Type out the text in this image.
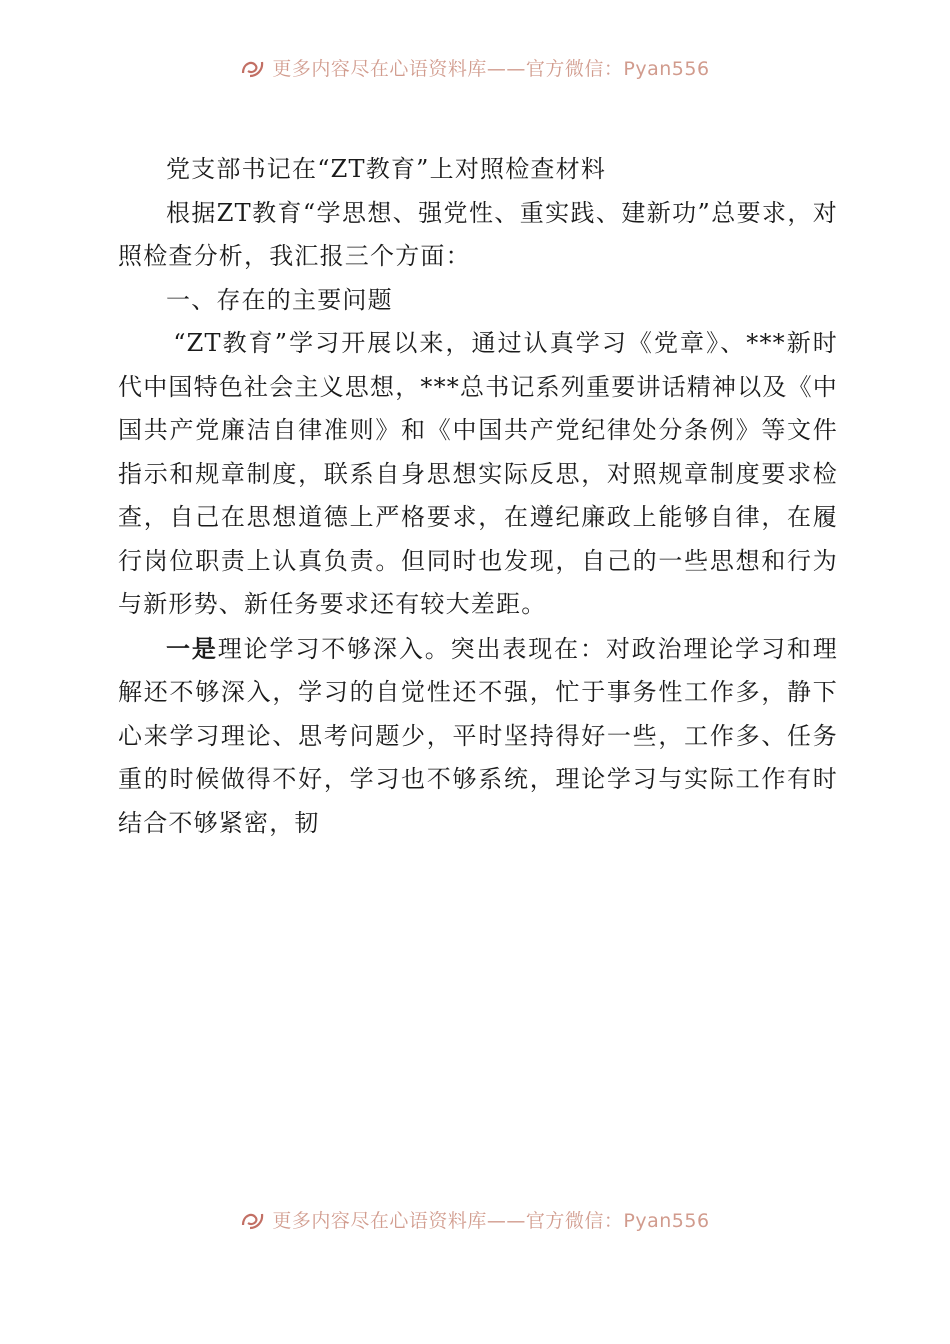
更多内容尽在心语资料库——官方微信：Pyan556

党支部书记在“ZT教育”上对照检查材料

根据ZT教育“学思想、强党性、重实践、建新功”总要求，对照检查分析，我汇报三个方面：

一、存在的主要问题

“ZT教育”学习开展以来，通过认真学习《党章》、***新时代中国特色社会主义思想，***总书记系列重要讲话精神以及《中国共产党廉洁自律准则》和《中国共产党纪律处分条例》等文件指示和规章制度，联系自身思想实际反思，对照规章制度要求检查，自己在思想道德上严格要求，在遵纪廉政上能够自律，在履行岗位职责上认真负责。但同时也发现，自己的一些思想和行为与新形势、新任务要求还有较大差距。

一是理论学习不够深入。突出表现在：对政治理论学习和理解还不够深入，学习的自觉性还不强，忙于事务性工作多，静下心来学习理论、思考问题少，平时坚持得好一些，工作多、任务重的时候做得不好，学习也不够系统，理论学习与实际工作有时结合不够紧密，韧

更多内容尽在心语资料库——官方微信：Pyan556
